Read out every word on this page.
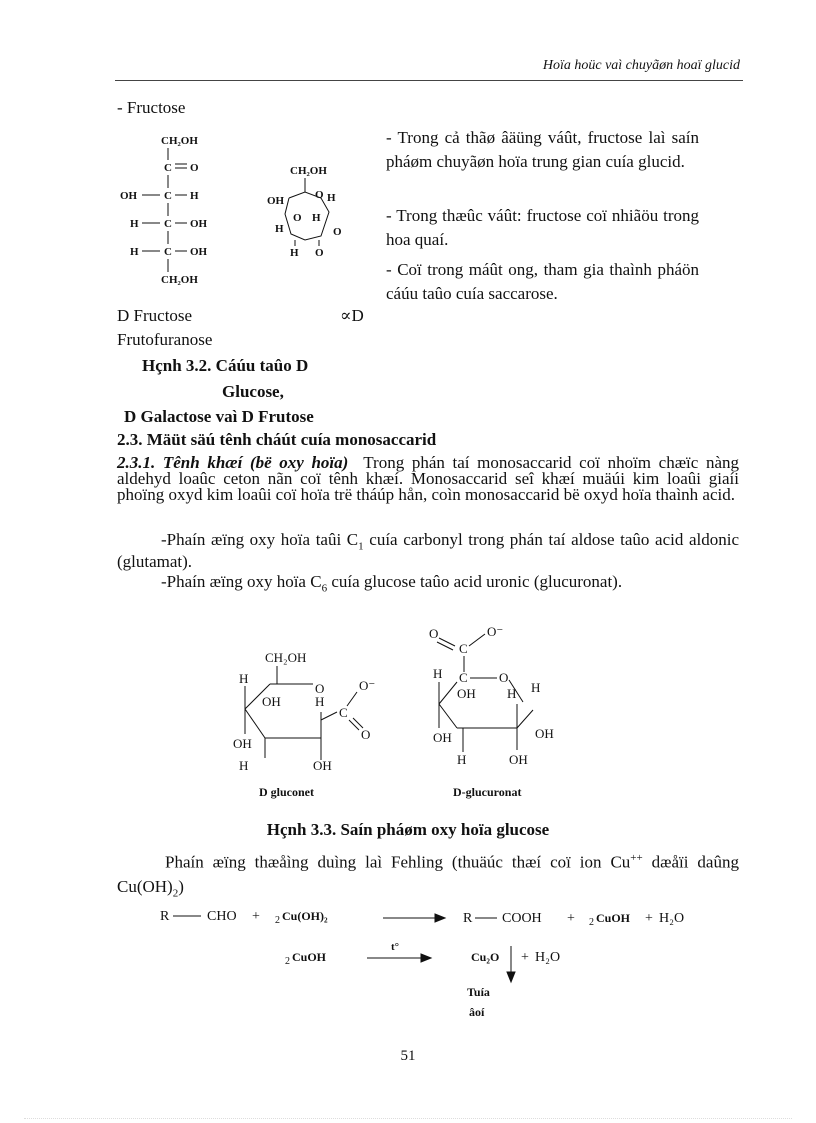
Hoïa hoüc vaì chuyãøn hoaï glucid
- Fructose
CH₂OH
C O
OH C H
H C OH
H C OH
CH₂OH
CH₂OH
OH	H
O
O H
H	O
H O
- Trong cả thãø âäüng váût, fructose laì saín pháøm chuyãøn hoïa trung gian cuía glucid.
- Trong thæûc váût: fructose coï nhiãöu trong hoa quaí.
- Coï trong máût ong, tham gia thaình pháön cáúu taûo cuía saccarose.
D Fructose	∝D
Frutofuranose
Hçnh 3.2. Cáúu taûo D
Glucose,
D Galactose vaì D Frutose
2.3. Mäüt säú tênh cháút cuía monosaccarid
2.3.1. Tênh khæí (bë oxy hoïa) Trong phán taí monosaccarid coï nhoïm chæïc nàng aldehyd loaûc ceton nãn coï tênh khæí. Monosaccarid seî khæí muäúi kim loaûi giaíi phoïng oxyd kim loaûi coï hoïa trë tháúp hån, coìn monosaccarid bë oxyd hoïa thaình acid.
-Phaín æïng oxy hoïa taûi $C_1$ cuía carbonyl trong phán taí aldose taûo acid aldonic (glutamat).
-Phaín æïng oxy hoïa $C_6$ cuía glucose taûo acid uronic (glucuronat).
CH₂OH
H
O	O⁻
OH	H
C
O
OH
H	OH
D gluconet
O	O⁻
C
H C O
OH H H
OH	OH
H	OH
D-glucuronat
Hçnh 3.3. Saín pháøm oxy hoïa glucose
Phaín æïng thæåìng duìng laì Fehling (thuäúc thæí coï ion Cu++ dæåïi daûng $Cu(OH)_2$)
R	CHO + 2 Cu(OH)₂	R COOH + 2 CuOH + H₂O
2 CuOH
t°
Cu₂O + H₂O
Tuía
âoí
51
